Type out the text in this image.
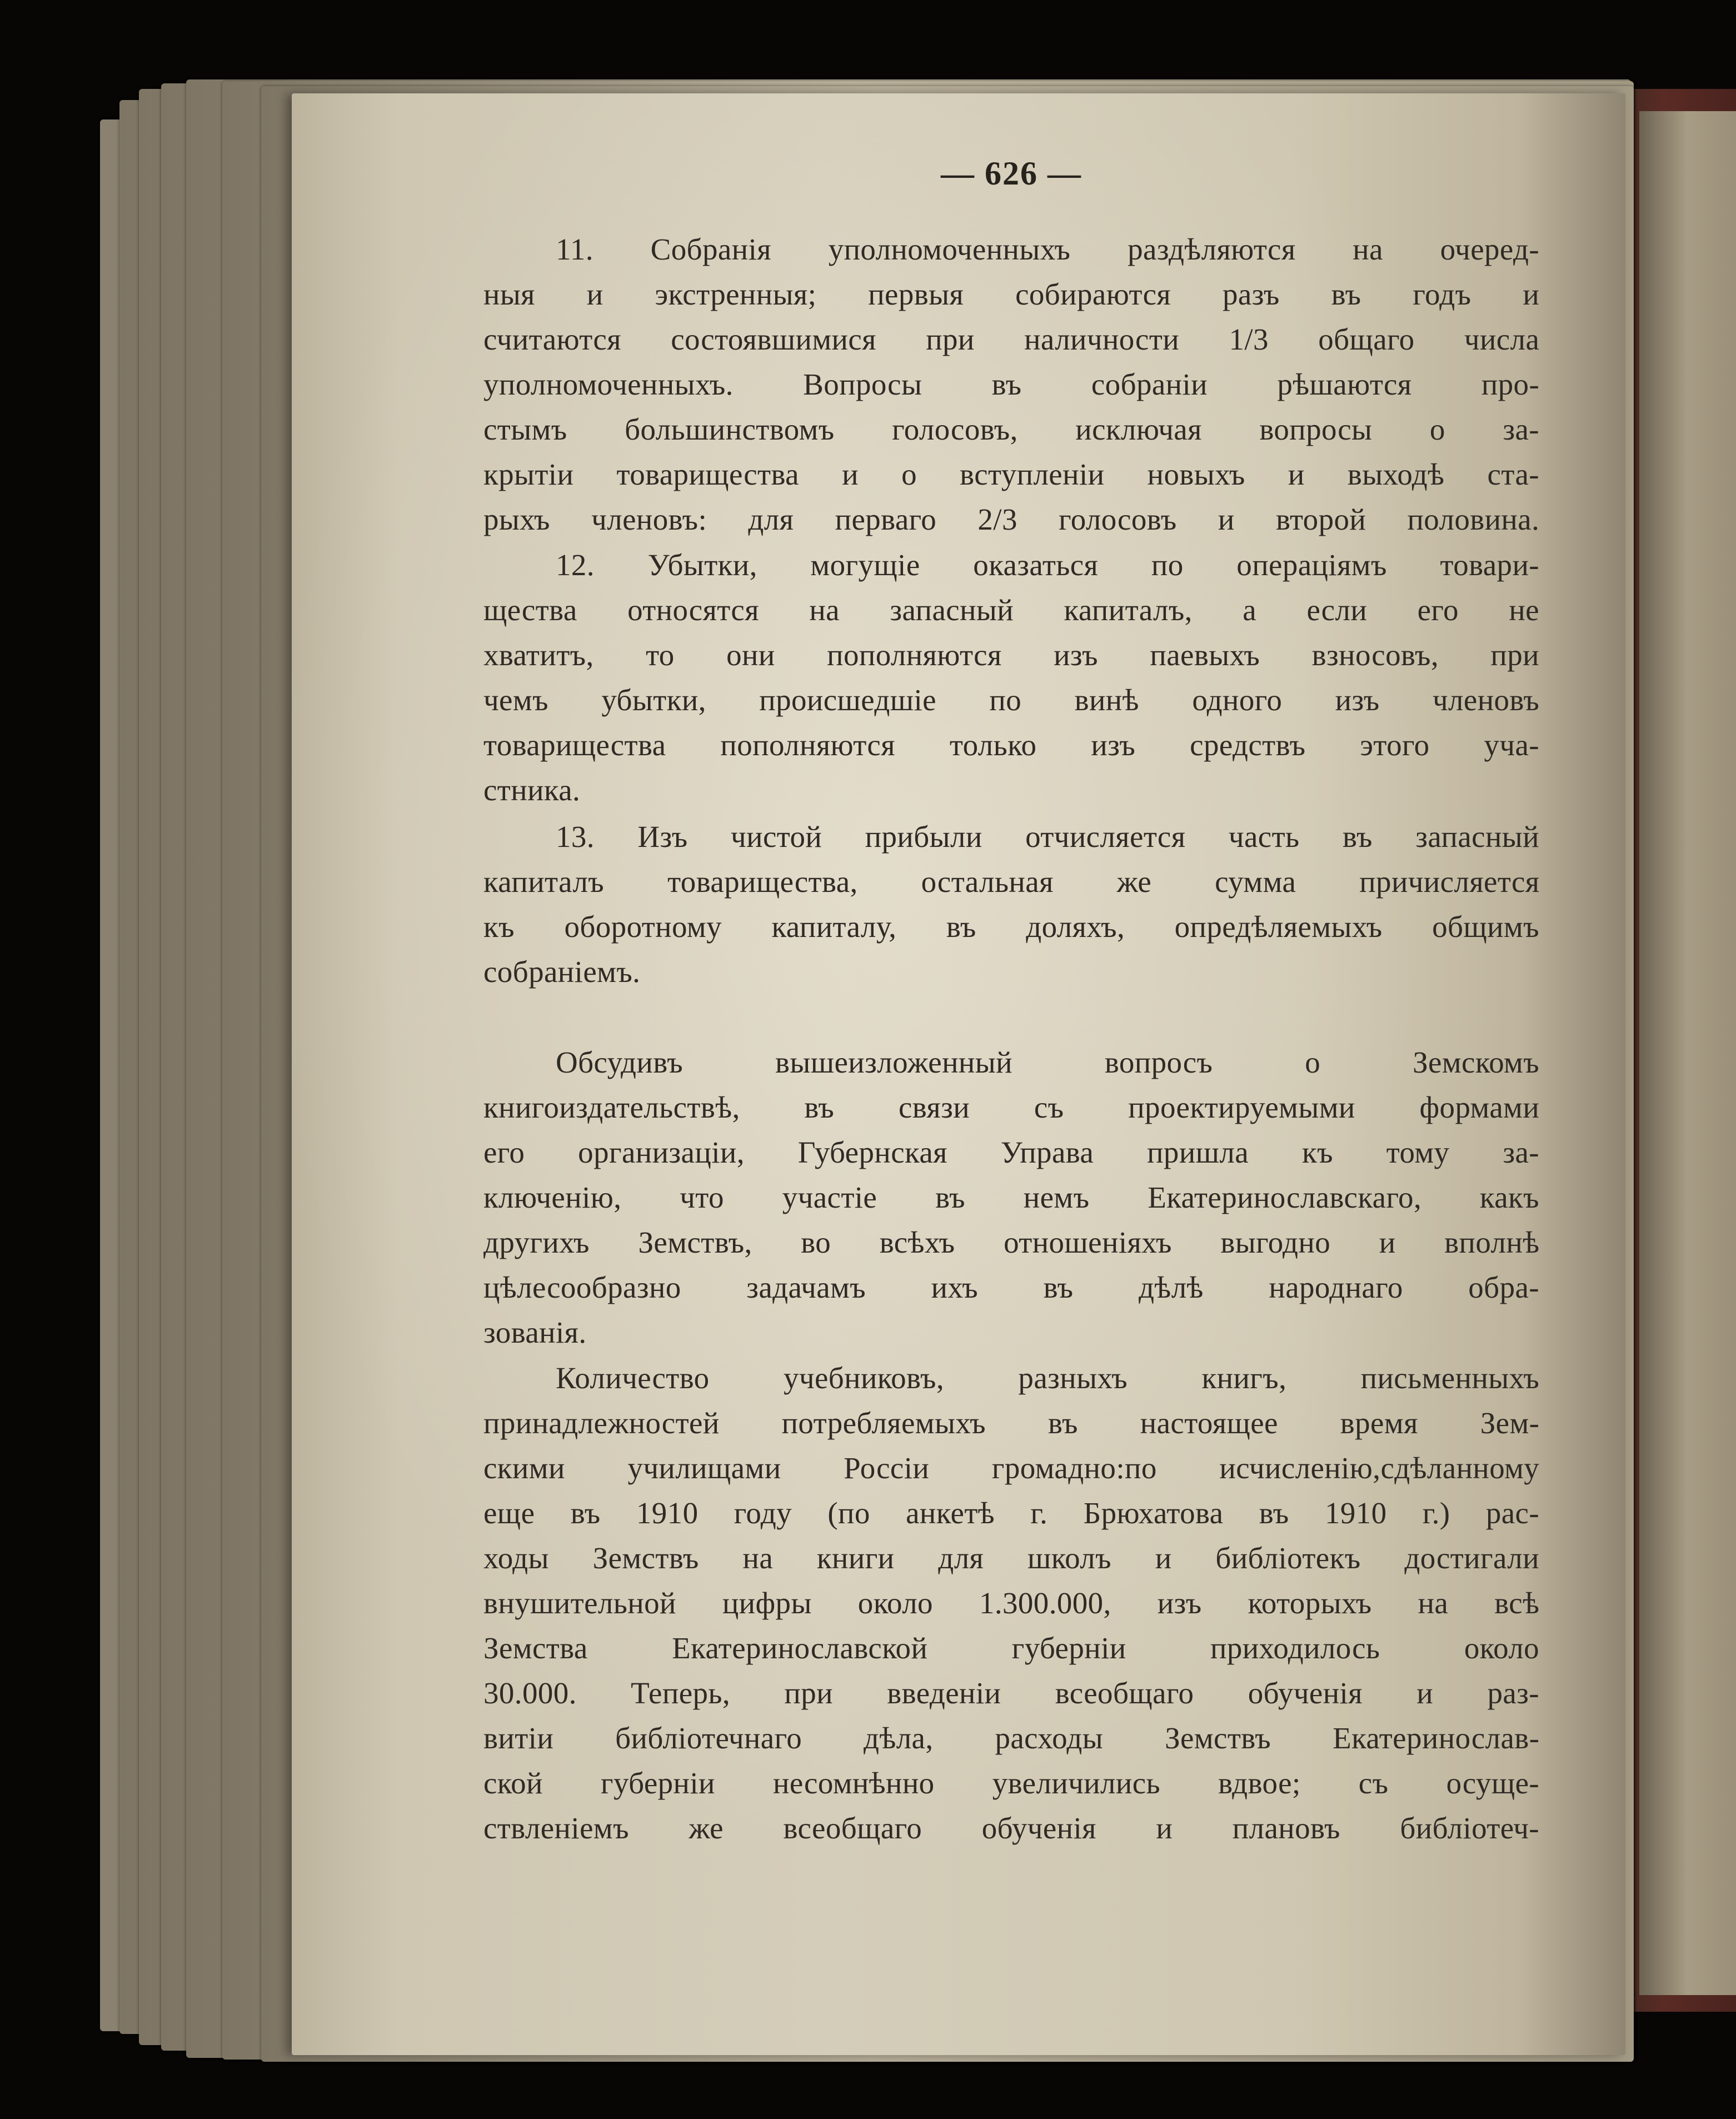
— 626 —
11. Собранія уполномоченныхъ раздѣляются на очеред-
ныя и экстренныя; первыя собираются разъ въ годъ и
считаются состоявшимися при наличности 1/3 общаго числа
уполномоченныхъ. Вопросы въ собраніи рѣшаются про-
стымъ большинствомъ голосовъ, исключая вопросы о за-
крытіи товарищества и о вступленіи новыхъ и выходѣ ста-
рыхъ членовъ: для перваго 2/3 голосовъ и второй половина.
12. Убытки, могущіе оказаться по операціямъ товари-
щества относятся на запасный капиталъ, а если его не
хватитъ, то они пополняются изъ паевыхъ взносовъ, при
чемъ убытки, происшедшіе по винѣ одного изъ членовъ
товарищества пополняются только изъ средствъ этого уча-
стника.
13. Изъ чистой прибыли отчисляется часть въ запасный
капиталъ товарищества, остальная же сумма причисляется
къ оборотному капиталу, въ доляхъ, опредѣляемыхъ общимъ
собраніемъ.
Обсудивъ вышеизложенный вопросъ о Земскомъ
книгоиздательствѣ, въ связи съ проектируемыми формами
его организаціи, Губернская Управа пришла къ тому за-
ключенію, что участіе въ немъ Екатеринославскаго, какъ
другихъ Земствъ, во всѣхъ отношеніяхъ выгодно и вполнѣ
цѣлесообразно задачамъ ихъ въ дѣлѣ народнаго обра-
зованія.
Количество учебниковъ, разныхъ книгъ, письменныхъ
принадлежностей потребляемыхъ въ настоящее время Зем-
скими училищами Россіи громадно:по исчисленію,сдѣланному
еще въ 1910 году (по анкетѣ г. Брюхатова въ 1910 г.) рас-
ходы Земствъ на книги для школъ и библіотекъ достигали
внушительной цифры около 1.300.000, изъ которыхъ на всѣ
Земства Екатеринославской губерніи приходилось около
30.000. Теперь, при введеніи всеобщаго обученія и раз-
витіи библіотечнаго дѣла, расходы Земствъ Екатеринослав-
ской губерніи несомнѣнно увеличились вдвое; съ осуще-
ствленіемъ же всеобщаго обученія и плановъ библіотеч-
